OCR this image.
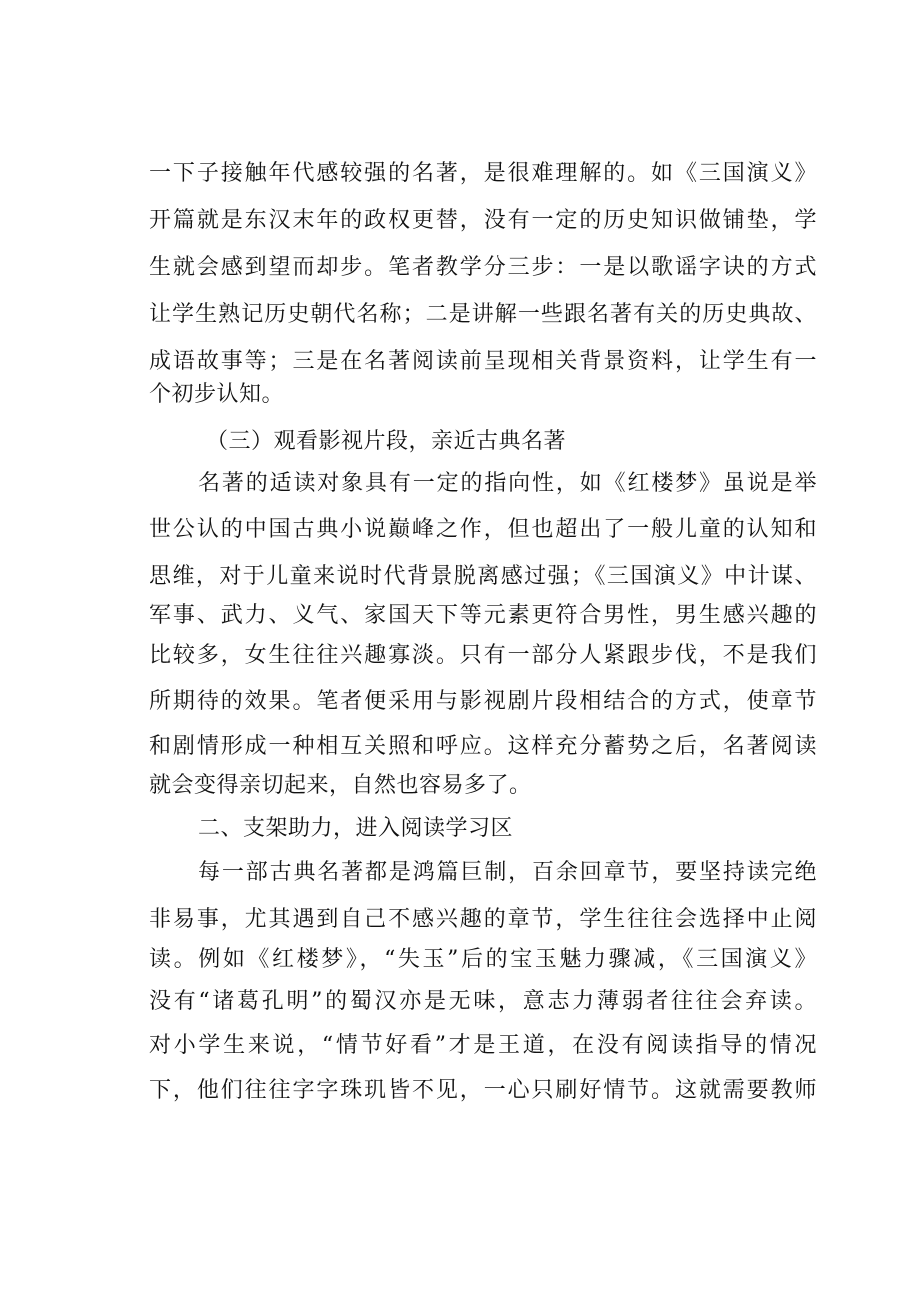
一下子接触年代感较强的名著，是很难理解的。如《三国演义》
开篇就是东汉末年的政权更替，没有一定的历史知识做铺垫，学
生就会感到望而却步。笔者教学分三步：一是以歌谣字诀的方式
让学生熟记历史朝代名称；二是讲解一些跟名著有关的历史典故、
成语故事等；三是在名著阅读前呈现相关背景资料，让学生有一
个初步认知。
（三）观看影视片段，亲近古典名著
名著的适读对象具有一定的指向性，如《红楼梦》虽说是举
世公认的中国古典小说巅峰之作，但也超出了一般儿童的认知和
思维，对于儿童来说时代背景脱离感过强；《三国演义》中计谋、
军事、武力、义气、家国天下等元素更符合男性，男生感兴趣的
比较多，女生往往兴趣寡淡。只有一部分人紧跟步伐，不是我们
所期待的效果。笔者便采用与影视剧片段相结合的方式，使章节
和剧情形成一种相互关照和呼应。这样充分蓄势之后，名著阅读
就会变得亲切起来，自然也容易多了。
二、支架助力，进入阅读学习区
每一部古典名著都是鸿篇巨制，百余回章节，要坚持读完绝
非易事，尤其遇到自己不感兴趣的章节，学生往往会选择中止阅
读。例如《红楼梦》，“失玉”后的宝玉魅力骤减，《三国演义》
没有“诸葛孔明”的蜀汉亦是无味，意志力薄弱者往往会弃读。
对小学生来说，“情节好看”才是王道，在没有阅读指导的情况
下，他们往往字字珠玑皆不见，一心只刷好情节。这就需要教师
